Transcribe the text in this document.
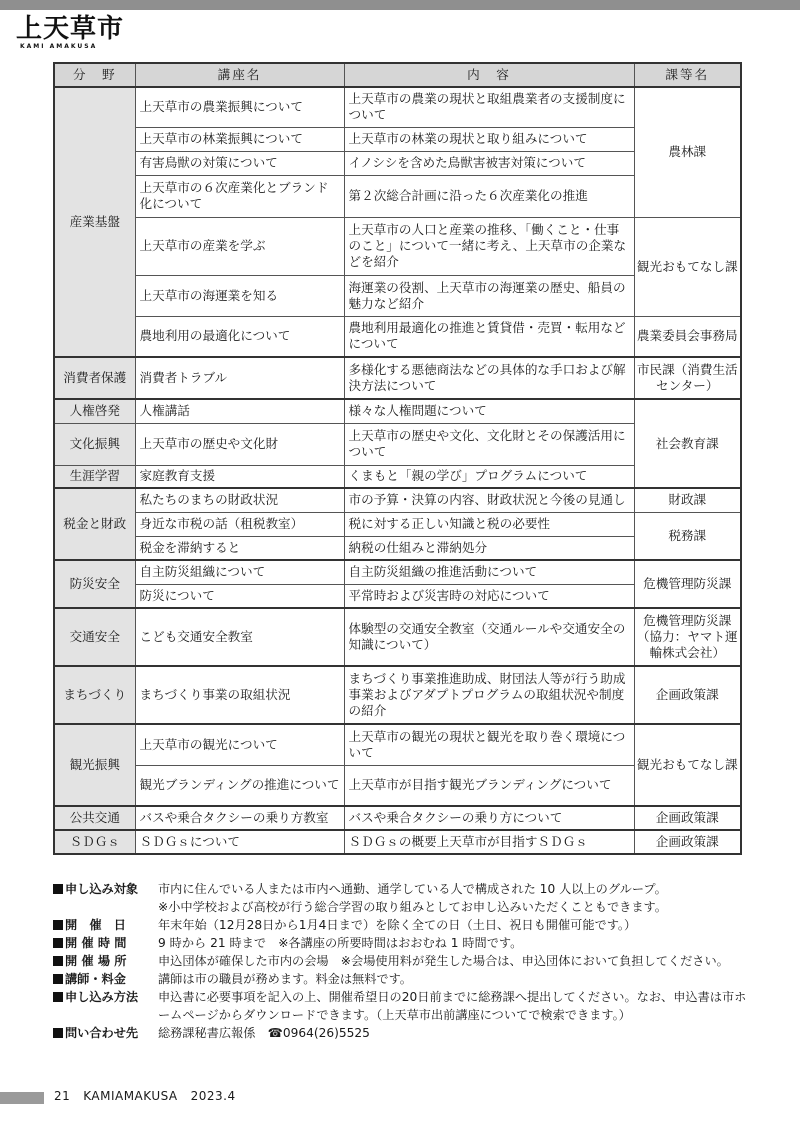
上天草市
KAMI AMAKUSA
分　野	講座名	内　容	課等名
産業基盤	上天草市の農業振興について	上天草市の農業の現状と取組農業者の支援制度について	農林課
	上天草市の林業振興について	上天草市の林業の現状と取り組みについて	
	有害鳥獣の対策について	イノシシを含めた鳥獣害被害対策について	
	上天草市の６次産業化とブランド化について	第２次総合計画に沿った６次産業化の推進	
	上天草市の産業を学ぶ	上天草市の人口と産業の推移、「働くこと・仕事のこと」について一緒に考え、上天草市の企業などを紹介	観光おもてなし課
	上天草市の海運業を知る	海運業の役割、上天草市の海運業の歴史、船員の魅力など紹介	
	農地利用の最適化について	農地利用最適化の推進と賃貸借・売買・転用などについて	農業委員会事務局
消費者保護	消費者トラブル	多様化する悪徳商法などの具体的な手口および解決方法について	市民課（消費生活センター）
人権啓発	人権講話	様々な人権問題について	社会教育課
文化振興	上天草市の歴史や文化財	上天草市の歴史や文化、文化財とその保護活用について	
生涯学習	家庭教育支援	くまもと「親の学び」プログラムについて	
税金と財政	私たちのまちの財政状況	市の予算・決算の内容、財政状況と今後の見通し	財政課
	身近な市税の話（租税教室）	税に対する正しい知識と税の必要性	税務課
	税金を滞納すると	納税の仕組みと滞納処分	
防災安全	自主防災組織について	自主防災組織の推進活動について	危機管理防災課
	防災について	平常時および災害時の対応について	
交通安全	こども交通安全教室	体験型の交通安全教室（交通ルールや交通安全の知識について）	危機管理防災課（協力：ヤマト運輸株式会社）
まちづくり	まちづくり事業の取組状況	まちづくり事業推進助成、財団法人等が行う助成事業およびアダプトプログラムの取組状況や制度の紹介	企画政策課
観光振興	上天草市の観光について	上天草市の観光の現状と観光を取り巻く環境について	観光おもてなし課
	観光ブランディングの推進について	上天草市が目指す観光ブランディングについて	
公共交通	バスや乗合タクシーの乗り方教室	バスや乗合タクシーの乗り方について	企画政策課
ＳＤＧｓ	ＳＤＧｓについて	ＳＤＧｓの概要上天草市が目指すＳＤＧｓ	企画政策課
申し込み対象	市内に住んでいる人または市内へ通勤、通学している人で構成された 10 人以上のグループ。
※小中学校および高校が行う総合学習の取り組みとしてお申し込みいただくこともできます。
開　催　日	年末年始（12月28日から1月4日まで）を除く全ての日（土日、祝日も開催可能です。）
開 催 時 間	9 時から 21 時まで　※各講座の所要時間はおおむね 1 時間です。
開 催 場 所	申込団体が確保した市内の会場　※会場使用料が発生した場合は、申込団体において負担してください。
講師・料金	講師は市の職員が務めます。料金は無料です。
申し込み方法	申込書に必要事項を記入の上、開催希望日の20日前までに総務課へ提出してください。なお、申込書は市ホームページからダウンロードできます。（上天草市出前講座についてで検索できます。）
問い合わせ先	総務課秘書広報係　☎0964(26)5525
21 KAMIAMAKUSA 2023.4
